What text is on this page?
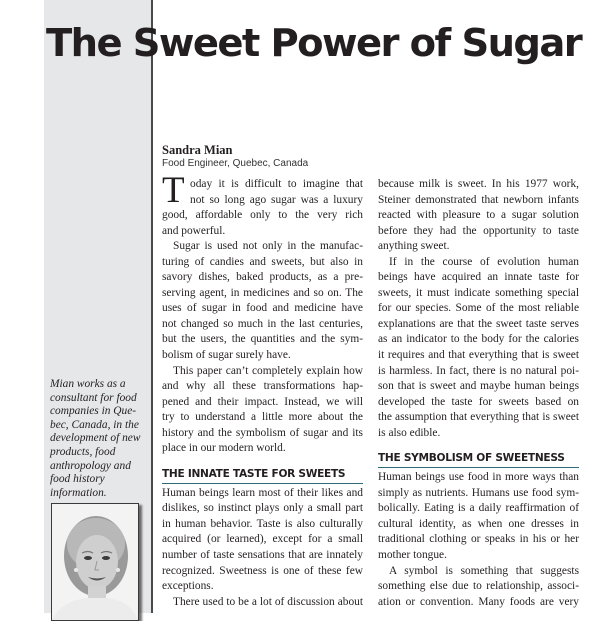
The Sweet Power of Sugar
Sandra Mian
Food Engineer, Quebec, Canada
Mian works as a
consultant for food
companies in Que-
bec, Canada, in the
development of new
products, food
anthropology and
food history
information.
T oday it is difficult to imagine that
not so long ago sugar was a luxury
good, affordable only to the very rich
and powerful.
Sugar is used not only in the manufac-
turing of candies and sweets, but also in
savory dishes, baked products, as a pre-
serving agent, in medicines and so on. The
uses of sugar in food and medicine have
not changed so much in the last centuries,
but the users, the quantities and the sym-
bolism of sugar surely have.
This paper can’t completely explain how
and why all these transformations hap-
pened and their impact. Instead, we will
try to understand a little more about the
history and the symbolism of sugar and its
place in our modern world.
THE INNATE TASTE FOR SWEETS
Human beings learn most of their likes and
dislikes, so instinct plays only a small part
in human behavior. Taste is also culturally
acquired (or learned), except for a small
number of taste sensations that are innately
recognized. Sweetness is one of these few
exceptions.
There used to be a lot of discussion about
because milk is sweet. In his 1977 work,
Steiner demonstrated that newborn infants
reacted with pleasure to a sugar solution
before they had the opportunity to taste
anything sweet.
If in the course of evolution human
beings have acquired an innate taste for
sweets, it must indicate something special
for our species. Some of the most reliable
explanations are that the sweet taste serves
as an indicator to the body for the calories
it requires and that everything that is sweet
is harmless. In fact, there is no natural poi-
son that is sweet and maybe human beings
developed the taste for sweets based on
the assumption that everything that is sweet
is also edible.
THE SYMBOLISM OF SWEETNESS
Human beings use food in more ways than
simply as nutrients. Humans use food sym-
bolically. Eating is a daily reaffirmation of
cultural identity, as when one dresses in
traditional clothing or speaks in his or her
mother tongue.
A symbol is something that suggests
something else due to relationship, associ-
ation or convention. Many foods are very
